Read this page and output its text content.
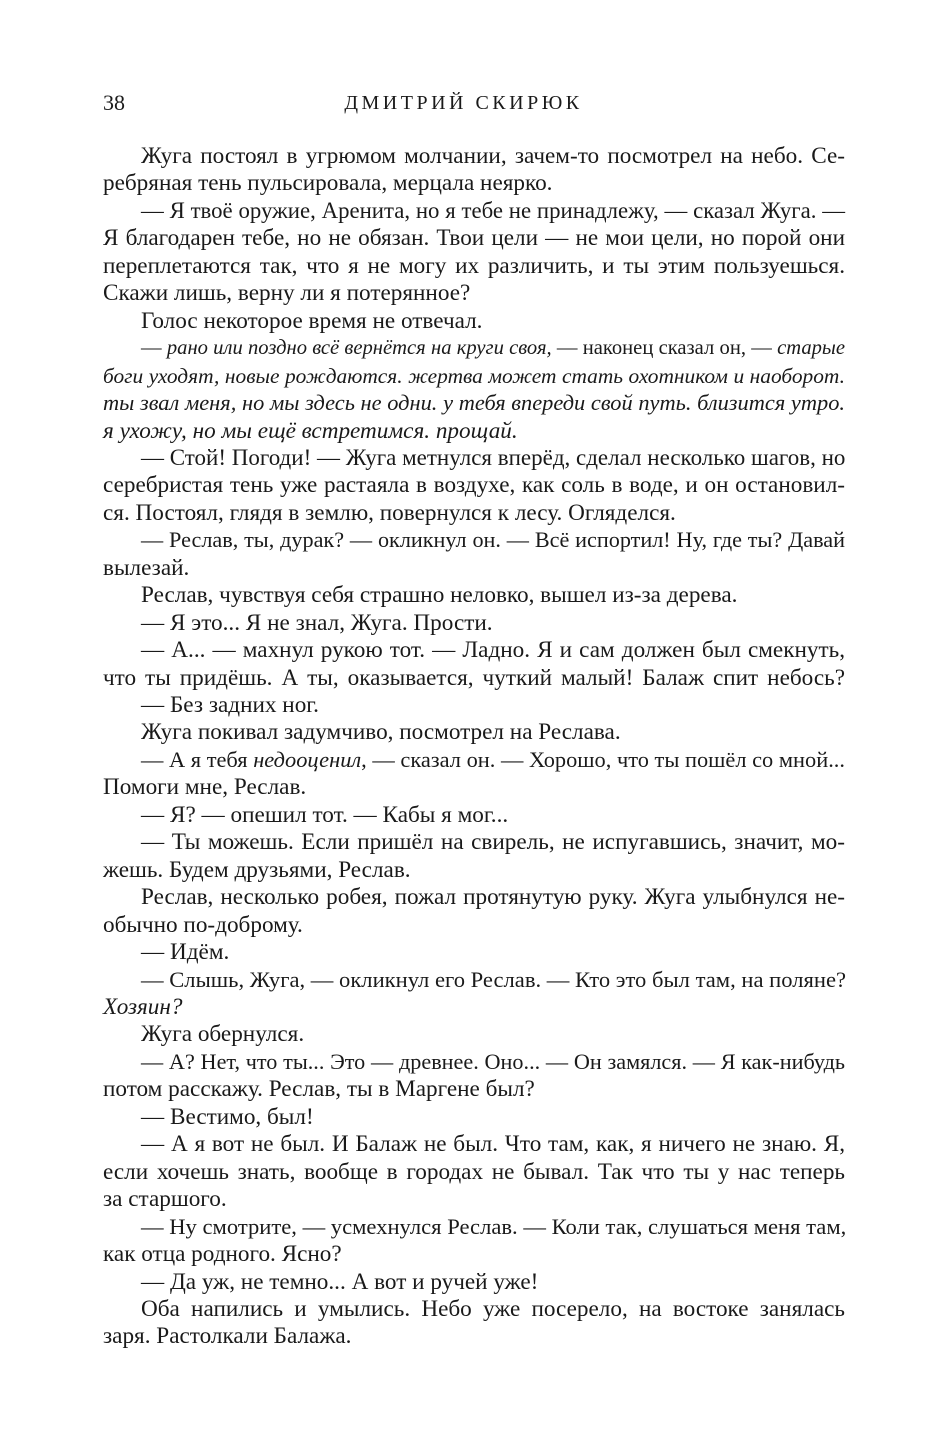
38	ДМИТРИЙ СКИРЮК
Жуга постоял в угрюмом молчании, зачем-то посмотрел на небо. Се-
ребряная тень пульсировала, мерцала неярко.
— Я твоё оружие, Аренита, но я тебе не принадлежу, — сказал Жуга. —
Я благодарен тебе, но не обязан. Твои цели — не мои цели, но порой они
переплетаются так, что я не могу их различить, и ты этим пользуешься.
Скажи лишь, верну ли я потерянное?
Голос некоторое время не отвечал.
— рано или поздно всё вернётся на круги своя, — наконец сказал он, — старые
боги уходят, новые рождаются. жертва может стать охотником и наоборот.
ты звал меня, но мы здесь не одни. у тебя впереди свой путь. близится утро.
я ухожу, но мы ещё встретимся. прощай.
— Стой! Погоди! — Жуга метнулся вперёд, сделал несколько шагов, но
серебристая тень уже растаяла в воздухе, как соль в воде, и он остановил-
ся. Постоял, глядя в землю, повернулся к лесу. Огляделся.
— Реслав, ты, дурак? — окликнул он. — Всё испортил! Ну, где ты? Давай
вылезай.
Реслав, чувствуя себя страшно неловко, вышел из-за дерева.
— Я это... Я не знал, Жуга. Прости.
— А... — махнул рукою тот. — Ладно. Я и сам должен был смекнуть,
что ты придёшь. А ты, оказывается, чуткий малый! Балаж спит небось?
— Без задних ног.
Жуга покивал задумчиво, посмотрел на Реслава.
— А я тебя недооценил, — сказал он. — Хорошо, что ты пошёл со мной...
Помоги мне, Реслав.
— Я? — опешил тот. — Кабы я мог...
— Ты можешь. Если пришёл на свирель, не испугавшись, значит, мо-
жешь. Будем друзьями, Реслав.
Реслав, несколько робея, пожал протянутую руку. Жуга улыбнулся не-
обычно по-доброму.
— Идём.
— Слышь, Жуга, — окликнул его Реслав. — Кто это был там, на поляне?
Хозяин?
Жуга обернулся.
— А? Нет, что ты... Это — древнее. Оно... — Он замялся. — Я как-нибудь
потом расскажу. Реслав, ты в Маргене был?
— Вестимо, был!
— А я вот не был. И Балаж не был. Что там, как, я ничего не знаю. Я,
если хочешь знать, вообще в городах не бывал. Так что ты у нас теперь
за старшого.
— Ну смотрите, — усмехнулся Реслав. — Коли так, слушаться меня там,
как отца родного. Ясно?
— Да уж, не темно... А вот и ручей уже!
Оба напились и умылись. Небо уже посерело, на востоке занялась
заря. Растолкали Балажа.
